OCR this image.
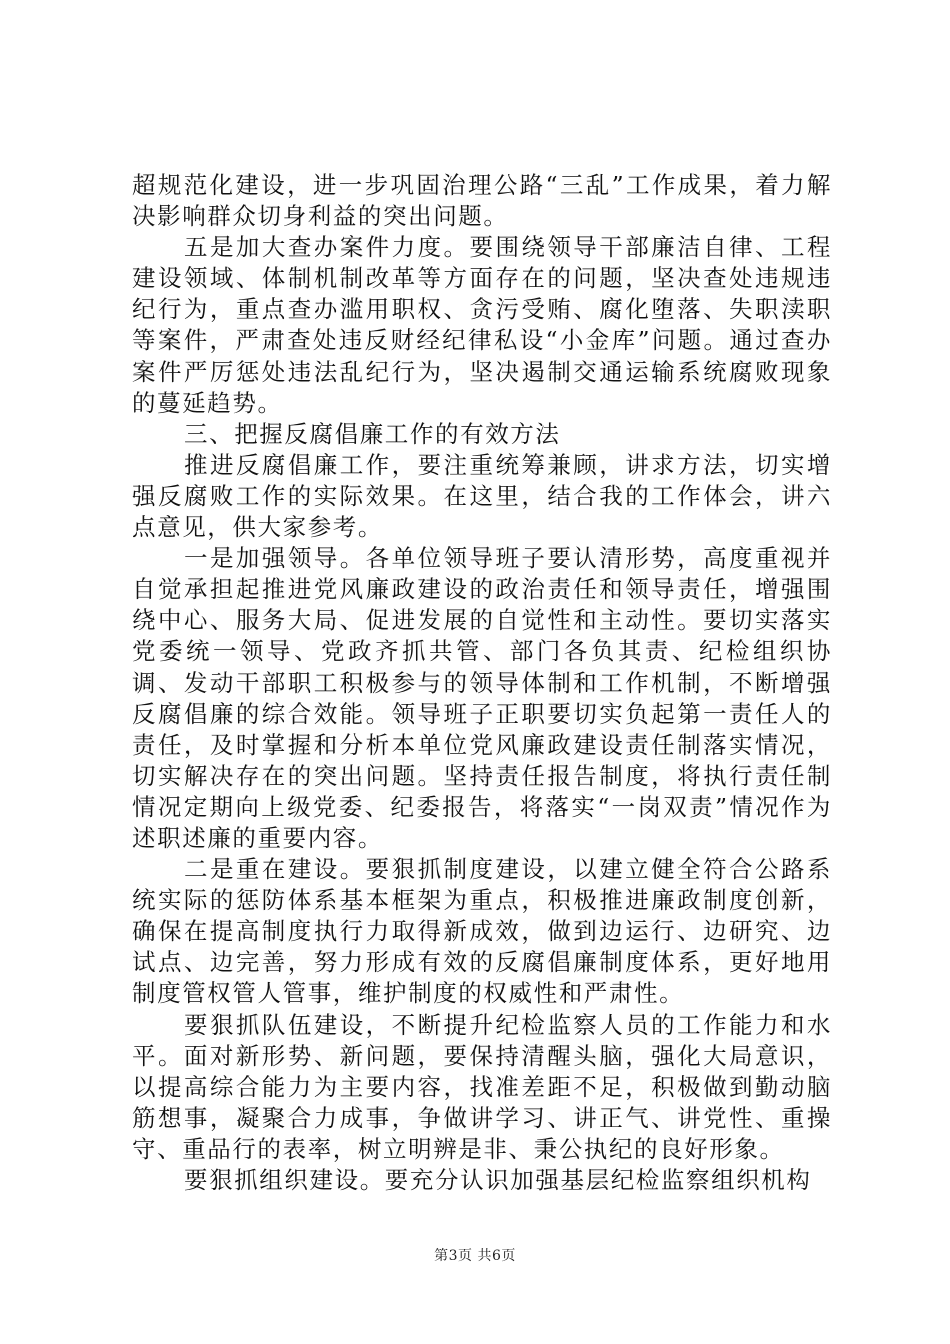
超规范化建设，进一步巩固治理公路“三乱”工作成果，着力解决影响群众切身利益的突出问题。

五是加大查办案件力度。要围绕领导干部廉洁自律、工程建设领域、体制机制改革等方面存在的问题，坚决查处违规违纪行为，重点查办滥用职权、贪污受贿、腐化堕落、失职渎职等案件，严肃查处违反财经纪律私设“小金库”问题。通过查办案件严厉惩处违法乱纪行为，坚决遏制交通运输系统腐败现象的蔓延趋势。

三、把握反腐倡廉工作的有效方法

推进反腐倡廉工作，要注重统筹兼顾，讲求方法，切实增强反腐败工作的实际效果。在这里，结合我的工作体会，讲六点意见，供大家参考。

一是加强领导。各单位领导班子要认清形势，高度重视并自觉承担起推进党风廉政建设的政治责任和领导责任，增强围绕中心、服务大局、促进发展的自觉性和主动性。要切实落实党委统一领导、党政齐抓共管、部门各负其责、纪检组织协调、发动干部职工积极参与的领导体制和工作机制，不断增强反腐倡廉的综合效能。领导班子正职要切实负起第一责任人的责任，及时掌握和分析本单位党风廉政建设责任制落实情况，切实解决存在的突出问题。坚持责任报告制度，将执行责任制情况定期向上级党委、纪委报告，将落实“一岗双责”情况作为述职述廉的重要内容。

二是重在建设。要狠抓制度建设，以建立健全符合公路系统实际的惩防体系基本框架为重点，积极推进廉政制度创新，确保在提高制度执行力取得新成效，做到边运行、边研究、边试点、边完善，努力形成有效的反腐倡廉制度体系，更好地用制度管权管人管事，维护制度的权威性和严肃性。

要狠抓队伍建设，不断提升纪检监察人员的工作能力和水平。面对新形势、新问题，要保持清醒头脑，强化大局意识，以提高综合能力为主要内容，找准差距不足，积极做到勤动脑筋想事，凝聚合力成事，争做讲学习、讲正气、讲党性、重操守、重品行的表率，树立明辨是非、秉公执纪的良好形象。

要狠抓组织建设。要充分认识加强基层纪检监察组织机构

第3页 共6页
